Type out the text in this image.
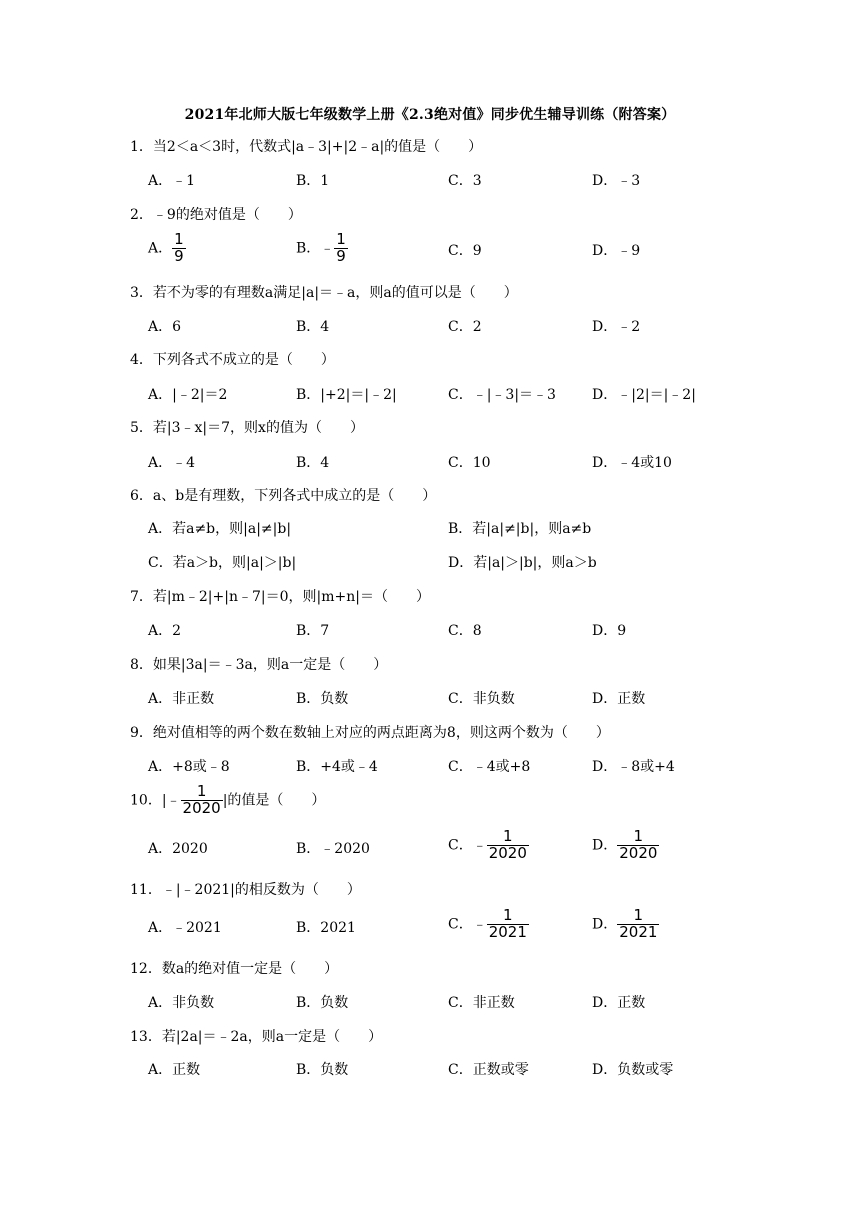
2021年北师大版七年级数学上册《2.3绝对值》同步优生辅导训练（附答案）
1．当2＜a＜3时，代数式|a﹣3|+|2﹣a|的值是（　　）
A．﹣1	B．1	C．3	D．﹣3
2．﹣9的绝对值是（　　）
A． $\frac{1}{9}$	B．﹣ $\frac{1}{9}$	C．9	D．﹣9
3．若不为零的有理数a满足|a|＝﹣a，则a的值可以是（　　）
A．6	B．4	C．2	D．﹣2
4．下列各式不成立的是（　　）
A．|﹣2|＝2	B．|+2|＝|﹣2|	C．﹣|﹣3|＝﹣3	D．﹣|2|＝|﹣2|
5．若|3﹣x|＝7，则x的值为（　　）
A．﹣4	B．4	C．10	D．﹣4或10
6．a、b是有理数，下列各式中成立的是（　　）
A．若a≠b，则|a|≠|b|	B．若|a|≠|b|，则a≠b
C．若a＞b，则|a|＞|b|	D．若|a|＞|b|，则a＞b
7．若|m﹣2|+|n﹣7|＝0，则|m+n|＝（　　）
A．2	B．7	C．8	D．9
8．如果|3a|＝﹣3a，则a一定是（　　）
A．非正数	B．负数	C．非负数	D．正数
9．绝对值相等的两个数在数轴上对应的两点距离为8，则这两个数为（　　）
A．+8或﹣8	B．+4或﹣4	C．﹣4或+8	D．﹣8或+4
10．|﹣ $\frac{1}{2020}$ |的值是（　　）
A．2020	B．﹣2020	C．﹣ $\frac{1}{2020}$	D． $\frac{1}{2020}$
11．﹣|﹣2021|的相反数为（　　）
A．﹣2021	B．2021	C．﹣ $\frac{1}{2021}$	D． $\frac{1}{2021}$
12．数a的绝对值一定是（　　）
A．非负数	B．负数	C．非正数	D．正数
13．若|2a|＝﹣2a，则a一定是（　　）
A．正数	B．负数	C．正数或零	D．负数或零
